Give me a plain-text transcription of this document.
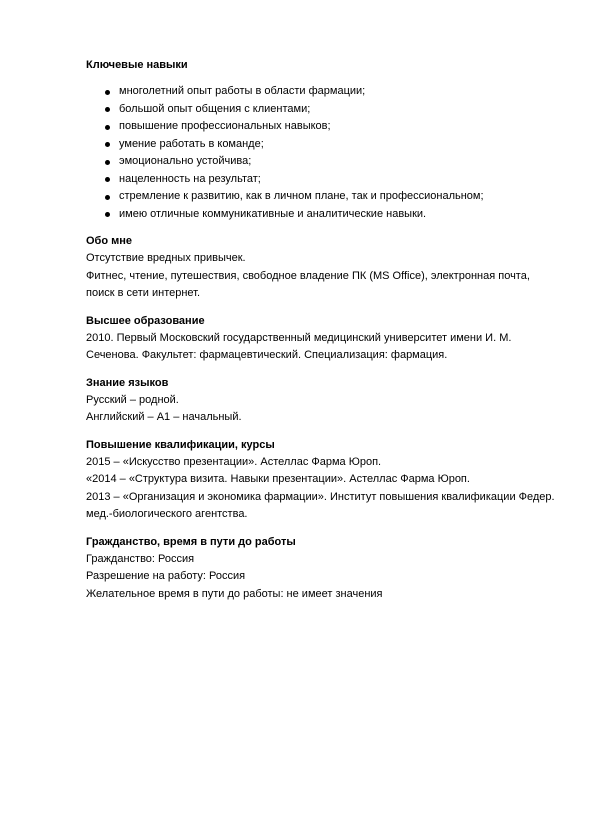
Ключевые навыки

многолетний опыт работы в области фармации;
большой опыт общения с клиентами;
повышение профессиональных навыков;
умение работать в команде;
эмоционально устойчива;
нацеленность на результат;
стремление к развитию, как в личном плане, так и профессиональном;
имею отличные коммуникативные и аналитические навыки.

Обо мне

Отсутствие вредных привычек.

Фитнес, чтение, путешествия, свободное владение ПК (MS Office), электронная почта,

поиск в сети интернет.

Высшее образование

2010. Первый Московский государственный медицинский университет имени И. М.

Сеченова. Факультет: фармацевтический. Специализация: фармация.

Знание языков

Русский – родной.

Английский – А1 – начальный.

Повышение квалификации, курсы

2015 – «Искусство презентации». Астеллас Фарма Юроп.

«2014 – «Структура визита. Навыки презентации». Астеллас Фарма Юроп.

2013 – «Организация и экономика фармации». Институт повышения квалификации Федер.

мед.-биологического агентства.

Гражданство, время в пути до работы

Гражданство: Россия

Разрешение на работу: Россия

Желательное время в пути до работы: не имеет значения
